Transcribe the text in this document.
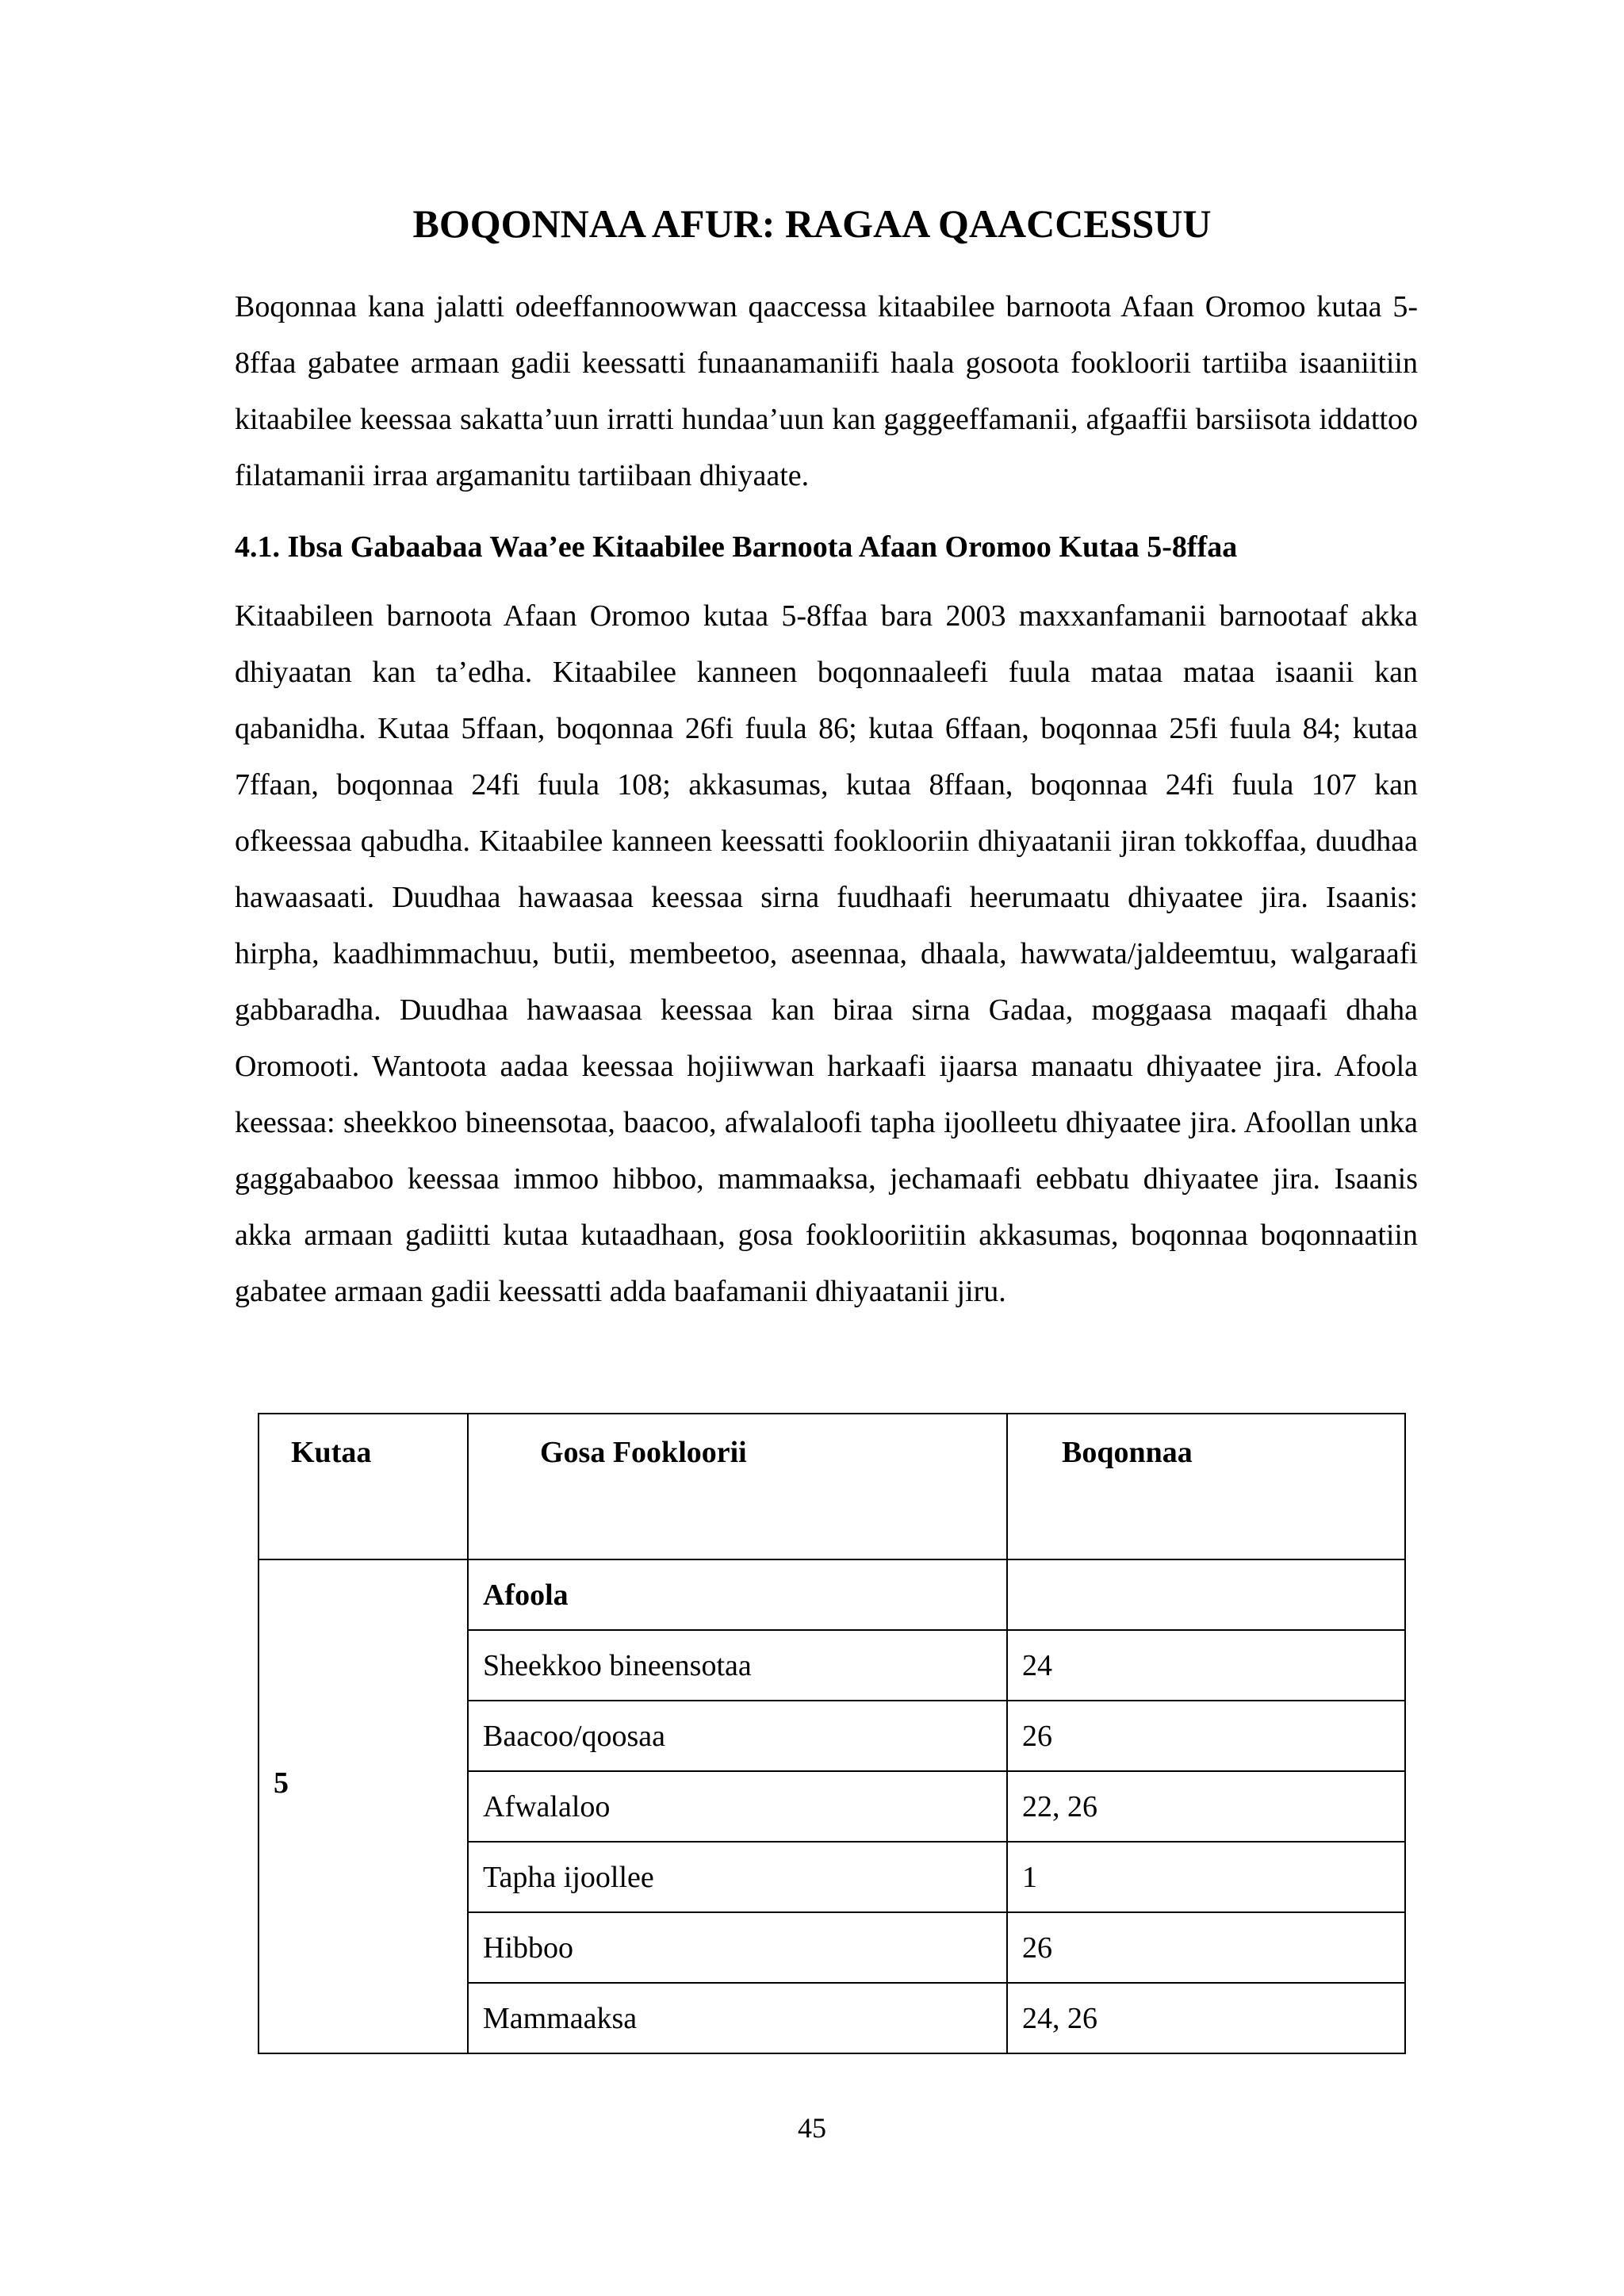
BOQONNAA AFUR: RAGAA QAACCESSUU

Boqonnaa kana jalatti odeeffannoowwan qaaccessa kitaabilee barnoota Afaan Oromoo kutaa 5-8ffaa gabatee armaan gadii keessatti funaanamaniifi haala gosoota fookloorii tartiiba isaaniitiin kitaabilee keessaa sakatta’uun irratti hundaa’uun kan gaggeeffamanii, afgaaffii barsiisota iddattoo filatamanii irraa argamanitu tartiibaan dhiyaate.

4.1. Ibsa Gabaabaa Waa’ee Kitaabilee Barnoota Afaan Oromoo Kutaa 5-8ffaa

Kitaabileen barnoota Afaan Oromoo kutaa 5-8ffaa bara 2003 maxxanfamanii barnootaaf akka dhiyaatan kan ta’edha. Kitaabilee kanneen boqonnaaleefi fuula mataa mataa isaanii kan qabanidha. Kutaa 5ffaan, boqonnaa 26fi fuula 86; kutaa 6ffaan, boqonnaa 25fi fuula 84; kutaa 7ffaan, boqonnaa 24fi fuula 108; akkasumas, kutaa 8ffaan, boqonnaa 24fi fuula 107 kan ofkeessaa qabudha. Kitaabilee kanneen keessatti fooklooriin dhiyaatanii jiran tokkoffaa, duudhaa hawaasaati. Duudhaa hawaasaa keessaa sirna fuudhaafi heerumaatu dhiyaatee jira. Isaanis: hirpha, kaadhimmachuu, butii, membeetoo, aseennaa, dhaala, hawwata/jaldeemtuu, walgaraafi gabbaradha. Duudhaa hawaasaa keessaa kan biraa sirna Gadaa, moggaasa maqaafi dhaha Oromooti. Wantoota aadaa keessaa hojiiwwan harkaafi ijaarsa manaatu dhiyaatee jira. Afoola keessaa: sheekkoo bineensotaa, baacoo, afwalaloofi tapha ijoolleetu dhiyaatee jira. Afoollan unka gaggabaaboo keessaa immoo hibboo, mammaaksa, jechamaafi eebbatu dhiyaatee jira. Isaanis akka armaan gadiitti kutaa kutaadhaan, gosa fooklooriitiin akkasumas, boqonnaa boqonnaatiin gabatee armaan gadii keessatti adda baafamanii dhiyaatanii jiru.

Kutaa	Gosa Fookloorii	Boqonnaa
5	Afoola	
	Sheekkoo bineensotaa	24
	Baacoo/qoosaa	26
	Afwalaloo	22, 26
	Tapha ijoollee	1
	Hibboo	26
	Mammaaksa	24, 26

45
